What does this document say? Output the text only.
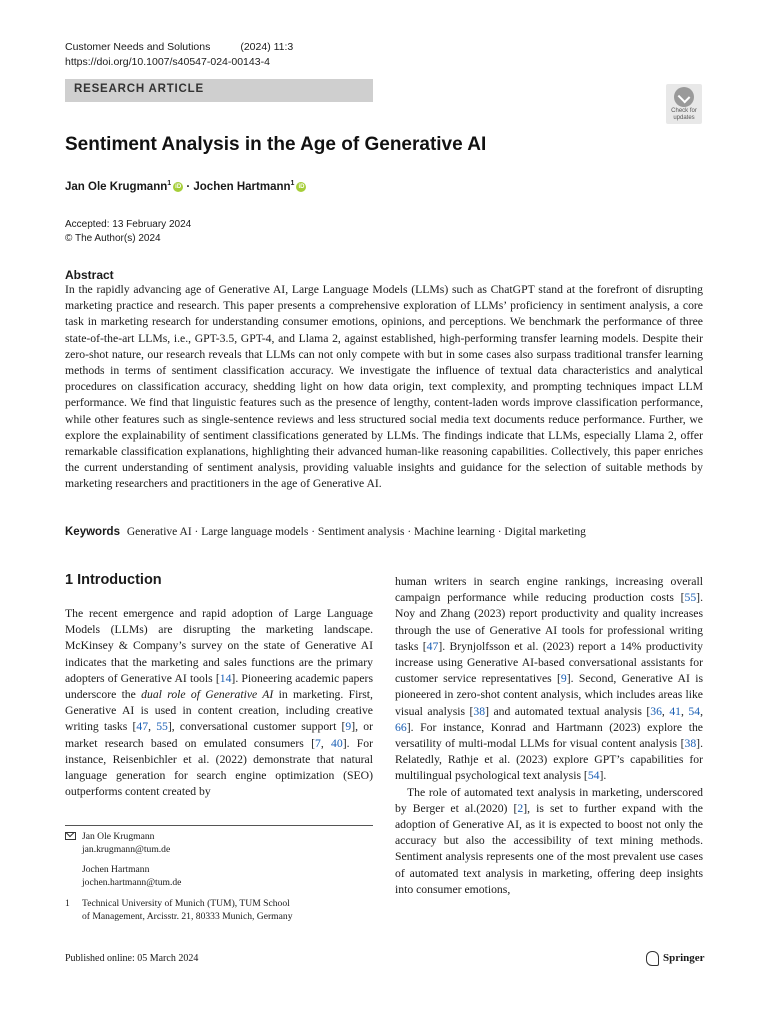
Customer Needs and Solutions	(2024) 11:3
https://doi.org/10.1007/s40547-024-00143-4
RESEARCH ARTICLE
Check for
updates
Sentiment Analysis in the Age of Generative AI
Jan Ole Krugmann$^1$ iD · Jochen Hartmann$^1$ iD
Accepted: 13 February 2024
© The Author(s) 2024
Abstract
In the rapidly advancing age of Generative AI, Large Language Models (LLMs) such as ChatGPT stand at the forefront of disrupting marketing practice and research. This paper presents a comprehensive exploration of LLMs’ proficiency in sentiment analysis, a core task in marketing research for understanding consumer emotions, opinions, and perceptions. We benchmark the performance of three state-of-the-art LLMs, i.e., GPT-3.5, GPT-4, and Llama 2, against established, high-performing transfer learning models. Despite their zero-shot nature, our research reveals that LLMs can not only compete with but in some cases also surpass traditional transfer learning methods in terms of sentiment classification accuracy. We investigate the influence of textual data characteristics and analytical procedures on classification accuracy, shedding light on how data origin, text complexity, and prompting techniques impact LLM performance. We find that linguistic features such as the presence of lengthy, content-laden words improve classification performance, while other features such as single-sentence reviews and less structured social media text documents reduce performance. Further, we explore the explainability of sentiment classifications generated by LLMs. The findings indicate that LLMs, especially Llama 2, offer remarkable classification explanations, highlighting their advanced human-like reasoning capabilities. Collectively, this paper enriches the current understanding of sentiment analysis, providing valuable insights and guidance for the selection of suitable methods by marketing researchers and practitioners in the age of Generative AI.
Keywords Generative AI · Large language models · Sentiment analysis · Machine learning · Digital marketing
1 Introduction

The recent emergence and rapid adoption of Large Language Models (LLMs) are disrupting the marketing landscape. McKinsey & Company’s survey on the state of Generative AI indicates that the marketing and sales functions are the primary adopters of Generative AI tools [14]. Pioneering academic papers underscore the dual role of Generative AI in marketing. First, Generative AI is used in content creation, including creative writing tasks [47, 55], conversational customer support [9], or market research based on emulated consumers [7, 40]. For instance, Reisenbichler et al. (2022) demonstrate that natural language generation for search engine optimization (SEO) outperforms content created by

human writers in search engine rankings, increasing overall campaign performance while reducing production costs [55]. Noy and Zhang (2023) report productivity and quality increases through the use of Generative AI tools for professional writing tasks [47]. Brynjolfsson et al. (2023) report a 14% productivity increase using Generative AI-based conversational assistants for customer service representatives [9]. Second, Generative AI is pioneered in zero-shot content analysis, which includes areas like visual analysis [38] and automated textual analysis [36, 41, 54, 66]. For instance, Konrad and Hartmann (2023) explore the versatility of multi-modal LLMs for visual content analysis [38]. Relatedly, Rathje et al. (2023) explore GPT’s capabilities for multilingual psychological text analysis [54].

The role of automated text analysis in marketing, underscored by Berger et al.(2020) [2], is set to further expand with the adoption of Generative AI, as it is expected to boost not only the accuracy but also the accessibility of text mining methods. Sentiment analysis represents one of the most prevalent use cases of automated text analysis in marketing, offering deep insights into consumer emotions,

Jan Ole Krugmann
jan.krugmann@tum.de
Jochen Hartmann
jochen.hartmann@tum.de
1 Technical University of Munich (TUM), TUM School
of Management, Arcisstr. 21, 80333 Munich, Germany
Published online: 05 March 2024	Springer
